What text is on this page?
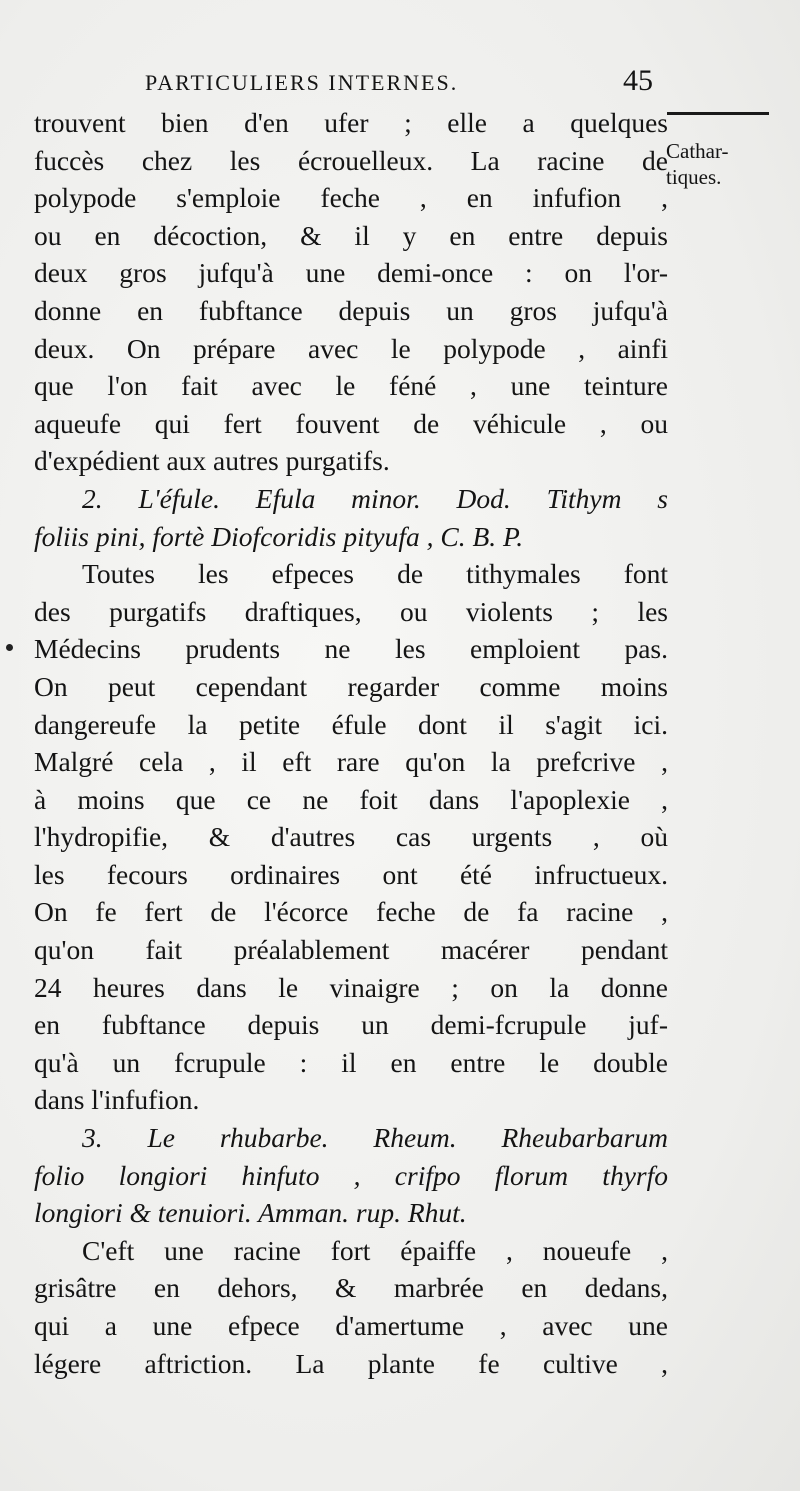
PARTICULIERS INTERNES.	45
Cathar-
tiques.
trouvent bien d'en ufer ; elle a quelques
fuccès chez les écrouelleux. La racine de
polypode s'emploie feche , en infufion ,
ou en décoction, & il y en entre depuis
deux gros jufqu'à une demi-once : on l'or-
donne en fubftance depuis un gros jufqu'à
deux. On prépare avec le polypode , ainfi
que l'on fait avec le féné , une teinture
aqueufe qui fert fouvent de véhicule , ou
d'expédient aux autres purgatifs.
2. L'éfule. Efula minor. Dod. Tithym s
foliis pini, fortè Diofcoridis pityufa , C. B. P.
Toutes les efpeces de tithymales font
des purgatifs draftiques, ou violents ; les
Médecins prudents ne les emploient pas.
On peut cependant regarder comme moins
dangereufe la petite éfule dont il s'agit ici.
Malgré cela , il eft rare qu'on la prefcrive ,
à moins que ce ne foit dans l'apoplexie ,
l'hydropifie, & d'autres cas urgents , où
les fecours ordinaires ont été infructueux.
On fe fert de l'écorce feche de fa racine ,
qu'on fait préalablement macérer pendant
24 heures dans le vinaigre ; on la donne
en fubftance depuis un demi-fcrupule juf-
qu'à un fcrupule : il en entre le double
dans l'infufion.
3. Le rhubarbe. Rheum. Rheubarbarum
folio longiori hinfuto , crifpo florum thyrfo
longiori & tenuiori. Amman. rup. Rhut.
C'eft une racine fort épaiffe , noueufe ,
grisâtre en dehors, & marbrée en dedans,
qui a une efpece d'amertume , avec une
légere aftriction. La plante fe cultive ,
